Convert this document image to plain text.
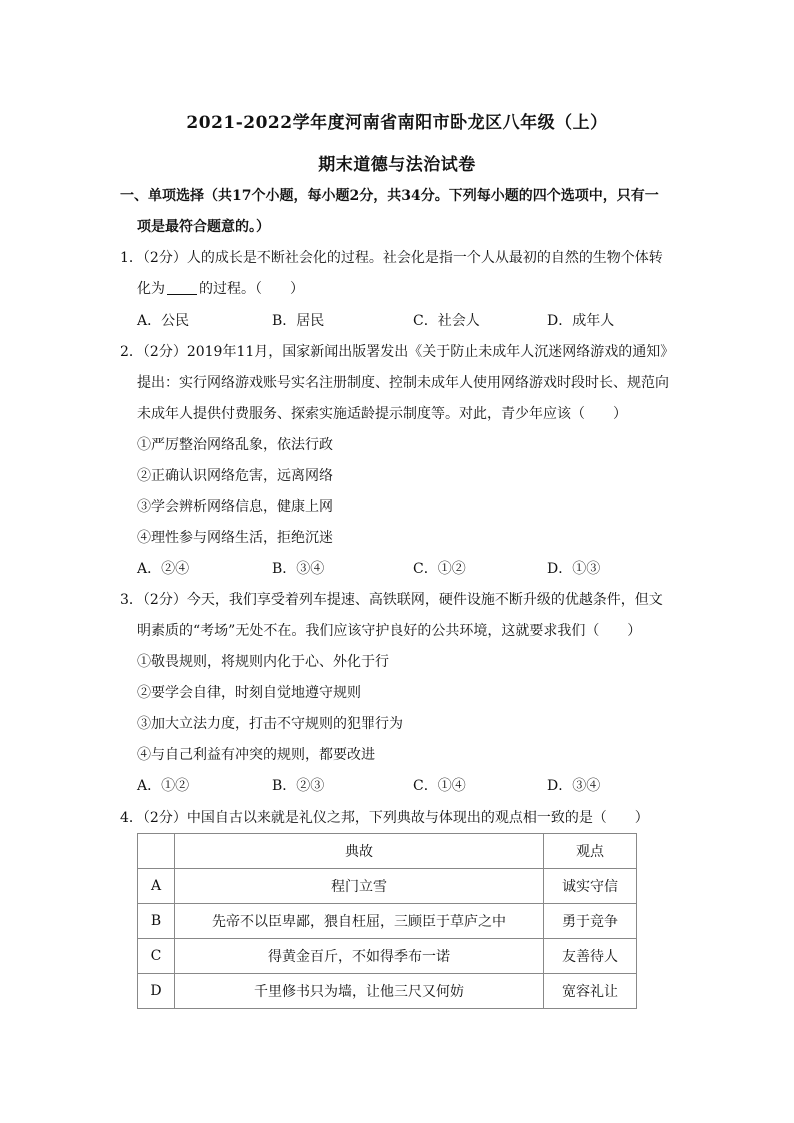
2021-2022学年度河南省南阳市卧龙区八年级（上）
期末道德与法治试卷
一、单项选择（共17个小题，每小题2分，共34分。下列每小题的四个选项中，只有一
项是最符合题意的。）
1．（2分）人的成长是不断社会化的过程。社会化是指一个人从最初的自然的生物个体转
化为 的过程。（　　）
A．公民	B．居民	C．社会人	D．成年人
2．（2分）2019年11月，国家新闻出版署发出《关于防止未成年人沉迷网络游戏的通知》
提出：实行网络游戏账号实名注册制度、控制未成年人使用网络游戏时段时长、规范向
未成年人提供付费服务、探索实施适龄提示制度等。对此，青少年应该（　　）
①严厉整治网络乱象，依法行政
②正确认识网络危害，远离网络
③学会辨析网络信息，健康上网
④理性参与网络生活，拒绝沉迷
A．②④	B．③④	C．①②	D．①③
3．（2分）今天，我们享受着列车提速、高铁联网，硬件设施不断升级的优越条件，但文
明素质的“考场”无处不在。我们应该守护良好的公共环境，这就要求我们（　　）
①敬畏规则，将规则内化于心、外化于行
②要学会自律，时刻自觉地遵守规则
③加大立法力度，打击不守规则的犯罪行为
④与自己利益有冲突的规则，都要改进
A．①②	B．②③	C．①④	D．③④
4．（2分）中国自古以来就是礼仪之邦，下列典故与体现出的观点相一致的是（　　）
	典故	观点
A	程门立雪	诚实守信
B	先帝不以臣卑鄙，猥自枉屈，三顾臣于草庐之中	勇于竞争
C	得黄金百斤，不如得季布一诺	友善待人
D	千里修书只为墙，让他三尺又何妨	宽容礼让
